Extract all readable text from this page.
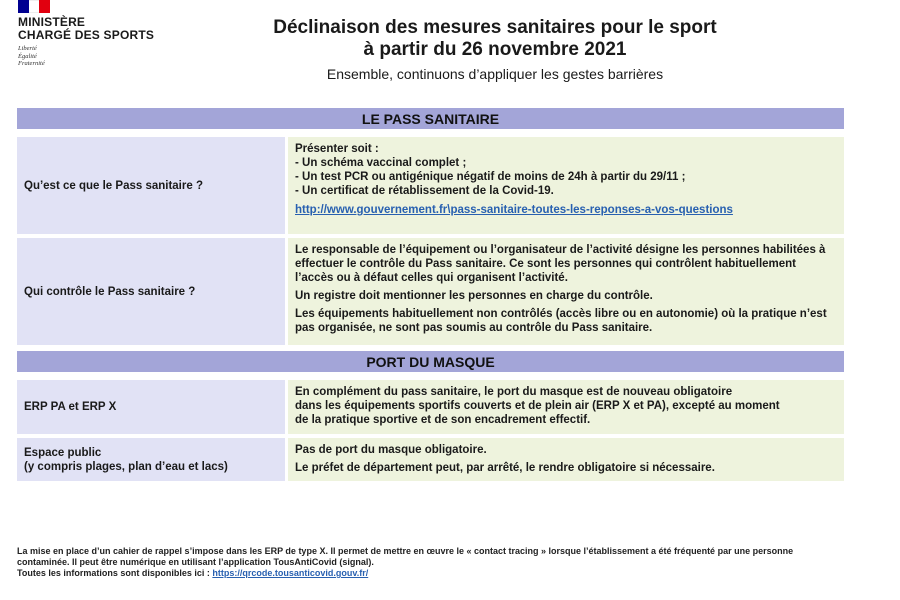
MINISTÈRE
CHARGÉ DES SPORTS
Liberté
Égalité
Fraternité
Déclinaison des mesures sanitaires pour le sport
à partir du 26 novembre 2021
Ensemble, continuons d’appliquer les gestes barrières
LE PASS SANITAIRE
Qu’est ce que le Pass sanitaire ?
Présenter soit :
- Un schéma vaccinal complet ;
- Un test PCR ou antigénique négatif de moins de 24h à partir du 29/11 ;
- Un certificat de rétablissement de la Covid-19.
http://www.gouvernement.fr\pass-sanitaire-toutes-les-reponses-a-vos-questions
Qui contrôle le Pass sanitaire ?

Le responsable de l’équipement ou l’organisateur de l’activité désigne les personnes habilitées à effectuer le contrôle du Pass sanitaire. Ce sont les personnes qui contrôlent habituellement l’accès ou à défaut celles qui organisent l’activité.

Un registre doit mentionner les personnes en charge du contrôle.

Les équipements habituellement non contrôlés (accès libre ou en autonomie) où la pratique n’est pas organisée, ne sont pas soumis au contrôle du Pass sanitaire.

PORT DU MASQUE
ERP PA et ERP X
En complément du pass sanitaire, le port du masque est de nouveau obligatoire
dans les équipements sportifs couverts et de plein air (ERP X et PA), excepté au moment
de la pratique sportive et de son encadrement effectif.
Espace public
(y compris plages, plan d’eau et lacs)

Pas de port du masque obligatoire.

Le préfet de département peut, par arrêté, le rendre obligatoire si nécessaire.

La mise en place d’un cahier de rappel s’impose dans les ERP de type X. Il permet de mettre en œuvre le « contact tracing » lorsque l’établissement a été fréquenté par une personne contaminée. Il peut être numérique en utilisant l’application TousAntiCovid (signal).
Toutes les informations sont disponibles ici : https://qrcode.tousanticovid.gouv.fr/
